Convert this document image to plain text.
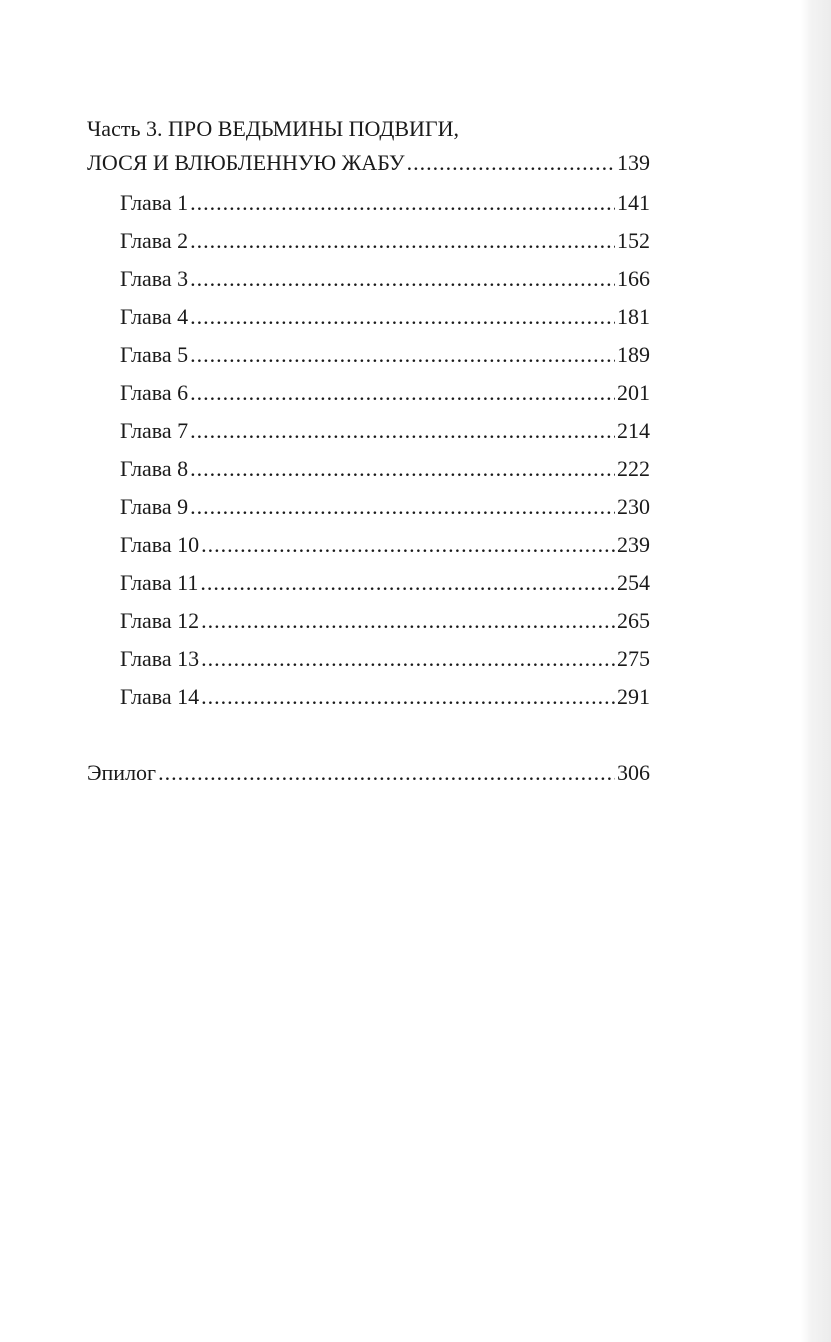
Часть 3. ПРО ВЕДЬМИНЫ ПОДВИГИ,
ЛОСЯ И ВЛЮБЛЕННУЮ ЖАБУ .....	139
Глава 1 .....	141
Глава 2 .....	152
Глава 3 .....	166
Глава 4 .....	181
Глава 5 .....	189
Глава 6 .....	201
Глава 7 .....	214
Глава 8 .....	222
Глава 9 .....	230
Глава 10 .....	239
Глава 11 .....	254
Глава 12 .....	265
Глава 13 .....	275
Глава 14 .....	291
Эпилог .....	306
